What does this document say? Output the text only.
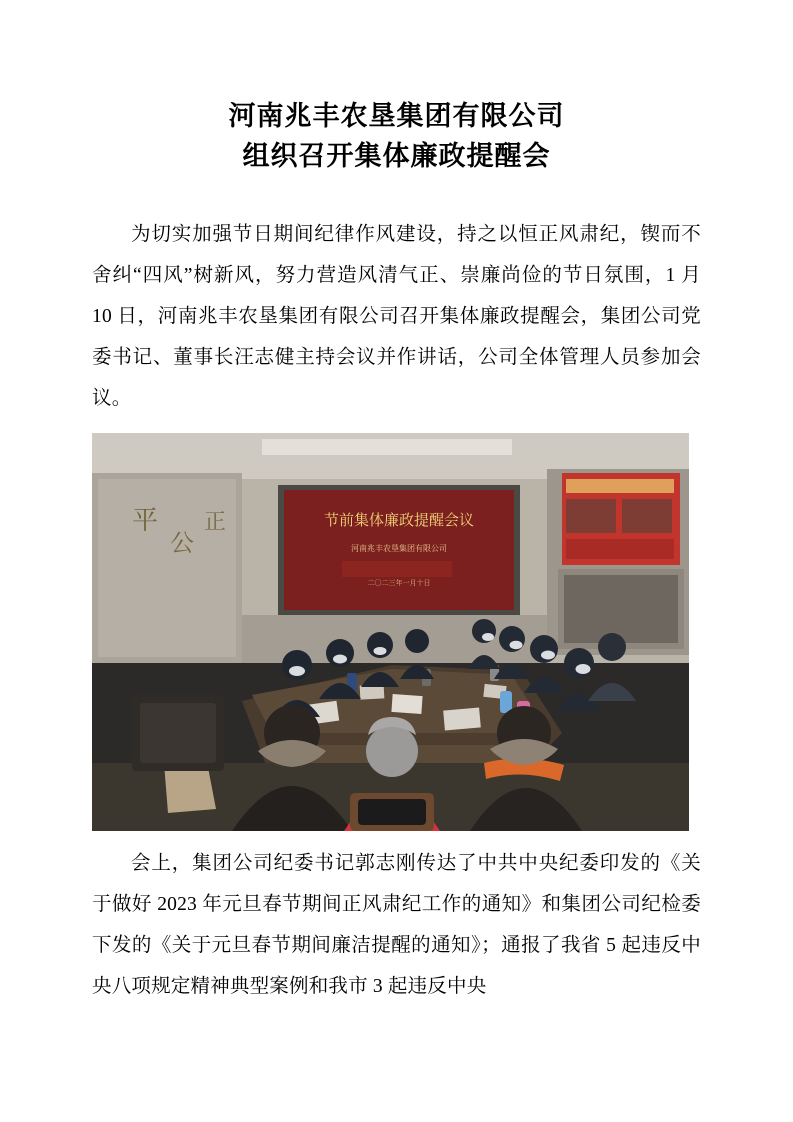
河南兆丰农垦集团有限公司
组织召开集体廉政提醒会

为切实加强节日期间纪律作风建设，持之以恒正风肃纪，锲而不舍纠“四风”树新风，努力营造风清气正、崇廉尚俭的节日氛围，1 月 10 日，河南兆丰农垦集团有限公司召开集体廉政提醒会，集团公司党委书记、董事长汪志健主持会议并作讲话，公司全体管理人员参加会议。

平
公
正	节前集体廉政提醒会议
河南兆丰农垦集团有限公司
二〇二三年一月十日

会上，集团公司纪委书记郭志刚传达了中共中央纪委印发的《关于做好 2023 年元旦春节期间正风肃纪工作的通知》和集团公司纪检委下发的《关于元旦春节期间廉洁提醒的通知》；通报了我省 5 起违反中央八项规定精神典型案例和我市 3 起违反中央
